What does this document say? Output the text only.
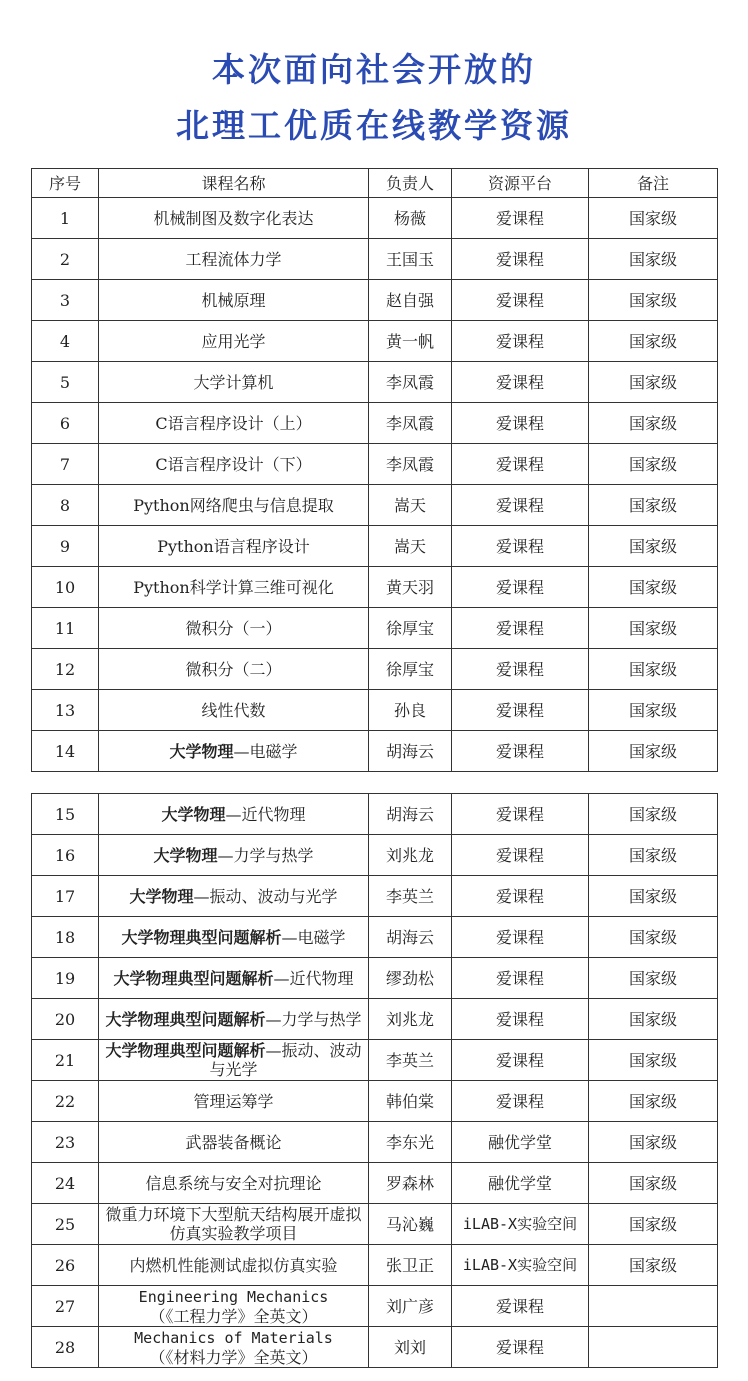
本次面向社会开放的
北理工优质在线教学资源
序号	课程名称	负责人	资源平台	备注
1	机械制图及数字化表达	杨薇	爱课程	国家级
2	工程流体力学	王国玉	爱课程	国家级
3	机械原理	赵自强	爱课程	国家级
4	应用光学	黄一帆	爱课程	国家级
5	大学计算机	李凤霞	爱课程	国家级
6	C语言程序设计（上）	李凤霞	爱课程	国家级
7	C语言程序设计（下）	李凤霞	爱课程	国家级
8	Python网络爬虫与信息提取	嵩天	爱课程	国家级
9	Python语言程序设计	嵩天	爱课程	国家级
10	Python科学计算三维可视化	黄天羽	爱课程	国家级
11	微积分（一）	徐厚宝	爱课程	国家级
12	微积分（二）	徐厚宝	爱课程	国家级
13	线性代数	孙良	爱课程	国家级
14	大学物理—电磁学	胡海云	爱课程	国家级
15	大学物理—近代物理	胡海云	爱课程	国家级
16	大学物理—力学与热学	刘兆龙	爱课程	国家级
17	大学物理—振动、波动与光学	李英兰	爱课程	国家级
18	大学物理典型问题解析—电磁学	胡海云	爱课程	国家级
19	大学物理典型问题解析—近代物理	缪劲松	爱课程	国家级
20	大学物理典型问题解析—力学与热学	刘兆龙	爱课程	国家级
21	大学物理典型问题解析—振动、波动与光学	李英兰	爱课程	国家级
22	管理运筹学	韩伯棠	爱课程	国家级
23	武器装备概论	李东光	融优学堂	国家级
24	信息系统与安全对抗理论	罗森林	融优学堂	国家级
25	微重力环境下大型航天结构展开虚拟仿真实验教学项目	马沁巍	iLAB-X实验空间	国家级
26	内燃机性能测试虚拟仿真实验	张卫正	iLAB-X实验空间	国家级
27	Engineering Mechanics
（《工程力学》全英文）	刘广彦	爱课程	
28	Mechanics of Materials
（《材料力学》全英文）	刘刘	爱课程	
